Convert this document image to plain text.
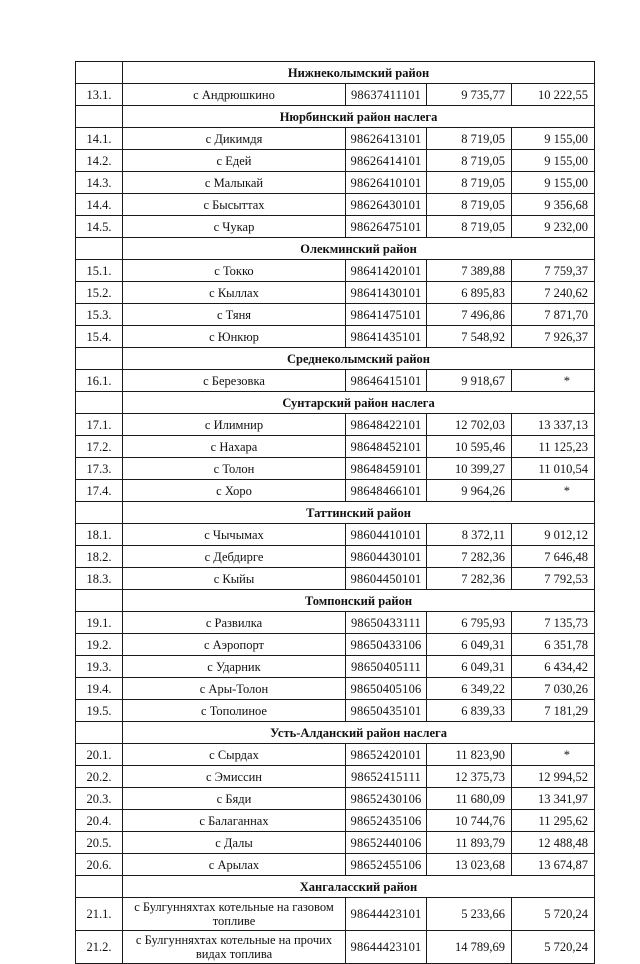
	Нижнеколымский район			
13.1.	с Андрюшкино	98637411101	9 735,77	10 222,55
	Нюрбинский район наслега			
14.1.	с Дикимдя	98626413101	8 719,05	9 155,00
14.2.	с Едей	98626414101	8 719,05	9 155,00
14.3.	с Малыкай	98626410101	8 719,05	9 155,00
14.4.	с Бысыттах	98626430101	8 719,05	9 356,68
14.5.	с Чукар	98626475101	8 719,05	9 232,00
	Олекминский район			
15.1.	с Токко	98641420101	7 389,88	7 759,37
15.2.	с Кыллах	98641430101	6 895,83	7 240,62
15.3.	с Тяня	98641475101	7 496,86	7 871,70
15.4.	с Юнкюр	98641435101	7 548,92	7 926,37
	Среднеколымский район			
16.1.	с Березовка	98646415101	9 918,67	*
	Сунтарский район наслега			
17.1.	с Илимнир	98648422101	12 702,03	13 337,13
17.2.	с Нахара	98648452101	10 595,46	11 125,23
17.3.	с Толон	98648459101	10 399,27	11 010,54
17.4.	с Хоро	98648466101	9 964,26	*
	Таттинский район			
18.1.	с Чычымах	98604410101	8 372,11	9 012,12
18.2.	с Дебдирге	98604430101	7 282,36	7 646,48
18.3.	с Кыйы	98604450101	7 282,36	7 792,53
	Томпонский район			
19.1.	с Развилка	98650433111	6 795,93	7 135,73
19.2.	с Аэропорт	98650433106	6 049,31	6 351,78
19.3.	с Ударник	98650405111	6 049,31	6 434,42
19.4.	с Ары-Толон	98650405106	6 349,22	7 030,26
19.5.	с Тополиное	98650435101	6 839,33	7 181,29
	Усть-Алданский район наслега			
20.1.	с Сырдах	98652420101	11 823,90	*
20.2.	с Эмиссин	98652415111	12 375,73	12 994,52
20.3.	с Бяди	98652430106	11 680,09	13 341,97
20.4.	с Балаганнах	98652435106	10 744,76	11 295,62
20.5.	с Далы	98652440106	11 893,79	12 488,48
20.6.	с Арылах	98652455106	13 023,68	13 674,87
	Хангаласский район			
21.1.	с Булгунняхтах котельные на газовом топливе	98644423101	5 233,66	5 720,24
21.2.	с Булгунняхтах котельные на прочих видах топлива	98644423101	14 789,69	5 720,24
